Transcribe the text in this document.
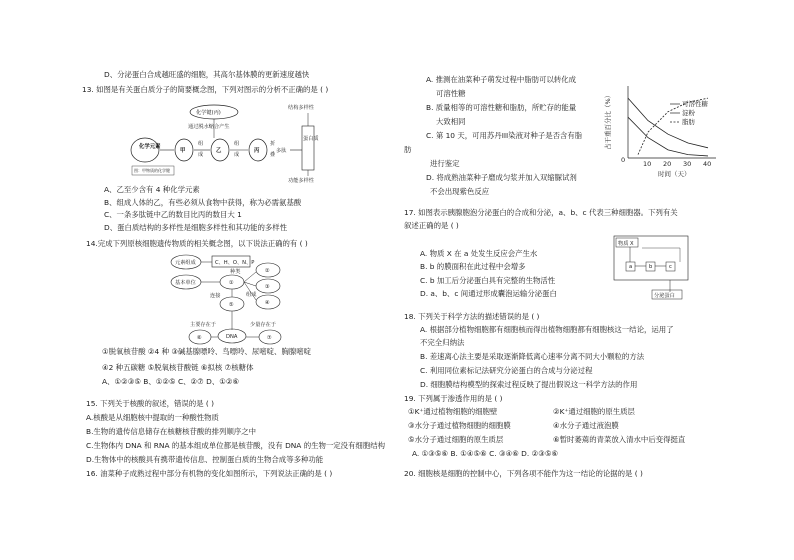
D、分泌蛋白合成越旺盛的细胞，其高尔基体膜的更新速度越快
13. 如图是有关蛋白质分子的简要概念图，下列对图示的分析不正确的是 ( )
A、乙至少含有 4 种化学元素
B、组成人体的乙，有些必须从食物中获得，称为必需氨基酸
C、一条多肽链中乙的数目比丙的数目大 1
D、蛋白质结构的多样性是细胞多样性和其功能的多样性
14.完成下列原核细胞遗传物质的相关概念图，以下说法正确的有 ( )
①脱氧核苷酸 ②4 种 ③碱基腺嘌呤、鸟嘌呤、尿嘧啶、胸腺嘧啶
④2 种五碳糖 ⑤脱氧核苷酸链 ⑥拟核 ⑦核糖体
A、①②③⑤ B、①②⑤ C、②⑦ D、①②⑥
15. 下列关于核酸的叙述，错误的是 ( )
A.核酸是从细胞核中提取的一种酸性物质
B.生物的遗传信息储存在核糖核苷酸的排列顺序之中
C.生物体内 DNA 和 RNA 的基本组成单位都是核苷酸，没有 DNA 的生物一定没有细胞结构
D.生物体中的核酸具有携带遗传信息、控制蛋白质的生物合成等多种功能
16. 油菜种子成熟过程中部分有机物的变化如图所示，下列说法正确的是 ( )
A. 推测在油菜种子萌发过程中脂肪可以转化成
可溶性糖
B. 质量相等的可溶性糖和脂肪，所贮存的能量
大致相同
C. 第 10 天，可用苏丹III染液对种子是否含有脂
肪
进行鉴定
D. 将成熟油菜种子磨成匀浆并加入双缩脲试剂
不会出现紫色反应
17. 如图表示胰腺胞泡分泌蛋白的合成和分泌，a、b、c 代表三种细胞器。下列有关
叙述正确的是 ( )
A. 物质 X 在 a 处发生反应会产生水
B. b 的膜面积在此过程中会增多
C. b 加工后分泌蛋白具有完整的生物活性
D. a、b、c 间通过形成囊泡运输分泌蛋白
18. 下列关于科学方法的描述错误的是 ( )
A. 根据部分植物细胞都有细胞核而得出植物细胞都有细胞核这一结论，运用了
不完全归纳法
B. 差速离心法主要是采取逐渐降低离心速率分离不同大小颗粒的方法
C. 利用同位素标记法研究分泌蛋白的合成与分泌过程
D. 细胞膜结构模型的探索过程反映了提出假说这一科学方法的作用
19. 下列属于渗透作用的是 ( )
①K⁺通过植物细胞的细胞壁	②K⁺通过细胞的原生质层
③水分子通过植物细胞的细胞膜	④水分子通过液泡膜
⑤水分子通过细胞的原生质层	⑥暂时萎蔫的青菜放入清水中后变得挺直
A. ①③⑤⑥ B. ①④⑤⑥ C. ③④⑥ D. ②③⑤⑥
20. 细胞核是细胞的控制中心，下列各项不能作为这一结论的论据的是 ( )
化学元素
甲
组
成
乙
化学键(丙)
通过脱水缩合产生
组
成
丙
折
叠
多肽
蛋白质
结构多样性
功能多样性
图：甲物质的化学键
元素组成	C、H、O、N、P
基本单位	①
种类	②
③
④
组成
连接
⑤
DNA
主要存在于
⑥
少量存在于
⑦
占干重百分比（%）
0	10 20 30 40
可溶性糖
淀粉
脂肪
时间（天）
物质 X
a	b	c
分泌蛋白
